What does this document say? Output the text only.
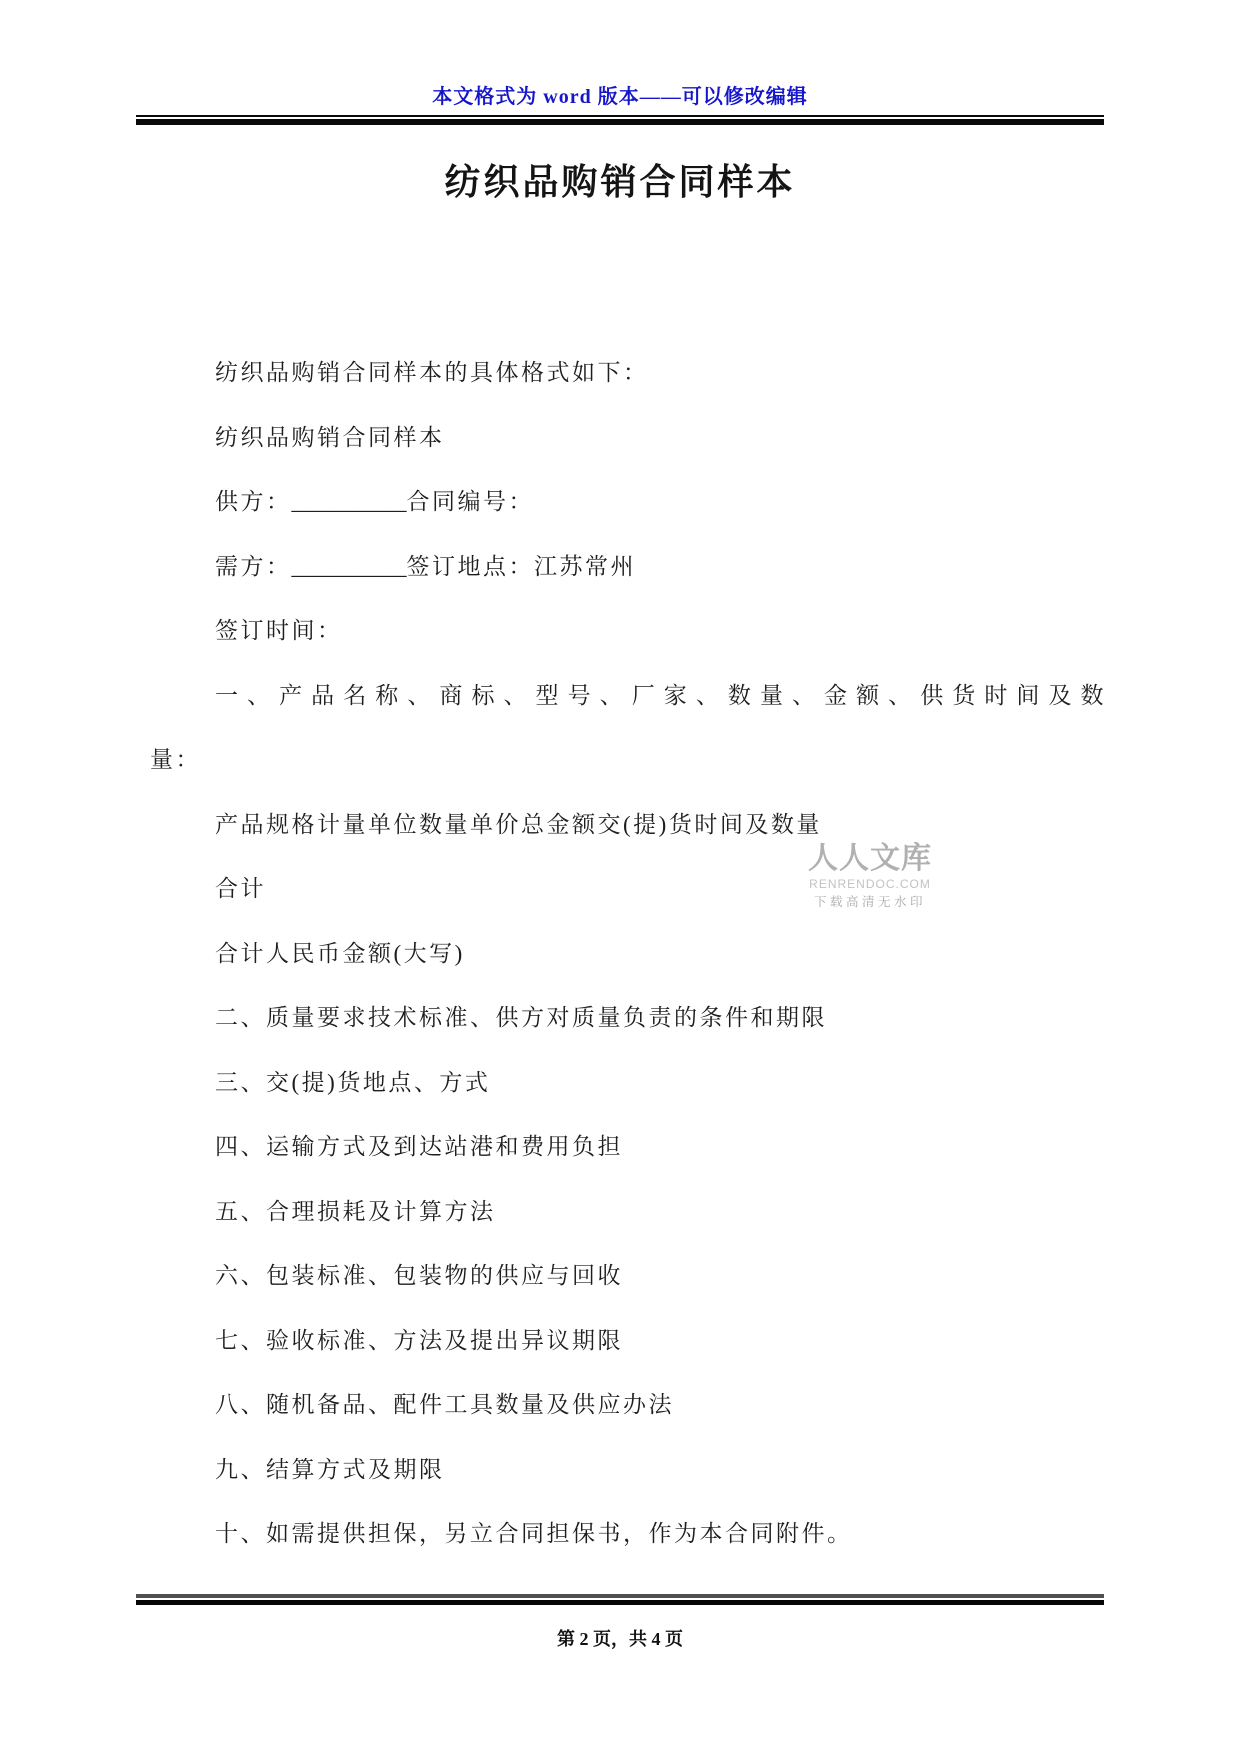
本文格式为 word 版本——可以修改编辑
纺织品购销合同样本
纺织品购销合同样本的具体格式如下：
纺织品购销合同样本
供方：__________合同编号：
需方：__________签订地点：江苏常州
签订时间：
一、产品名称、商标、型号、厂家、数量、金额、供货时间及数
量：
产品规格计量单位数量单价总金额交(提)货时间及数量
合计
合计人民币金额(大写)
二、质量要求技术标准、供方对质量负责的条件和期限
三、交(提)货地点、方式
四、运输方式及到达站港和费用负担
五、合理损耗及计算方法
六、包装标准、包装物的供应与回收
七、验收标准、方法及提出异议期限
八、随机备品、配件工具数量及供应办法
九、结算方式及期限
十、如需提供担保，另立合同担保书，作为本合同附件。
人人文库
RENRENDOC.COM
下载高清无水印
第 2 页，共 4 页
